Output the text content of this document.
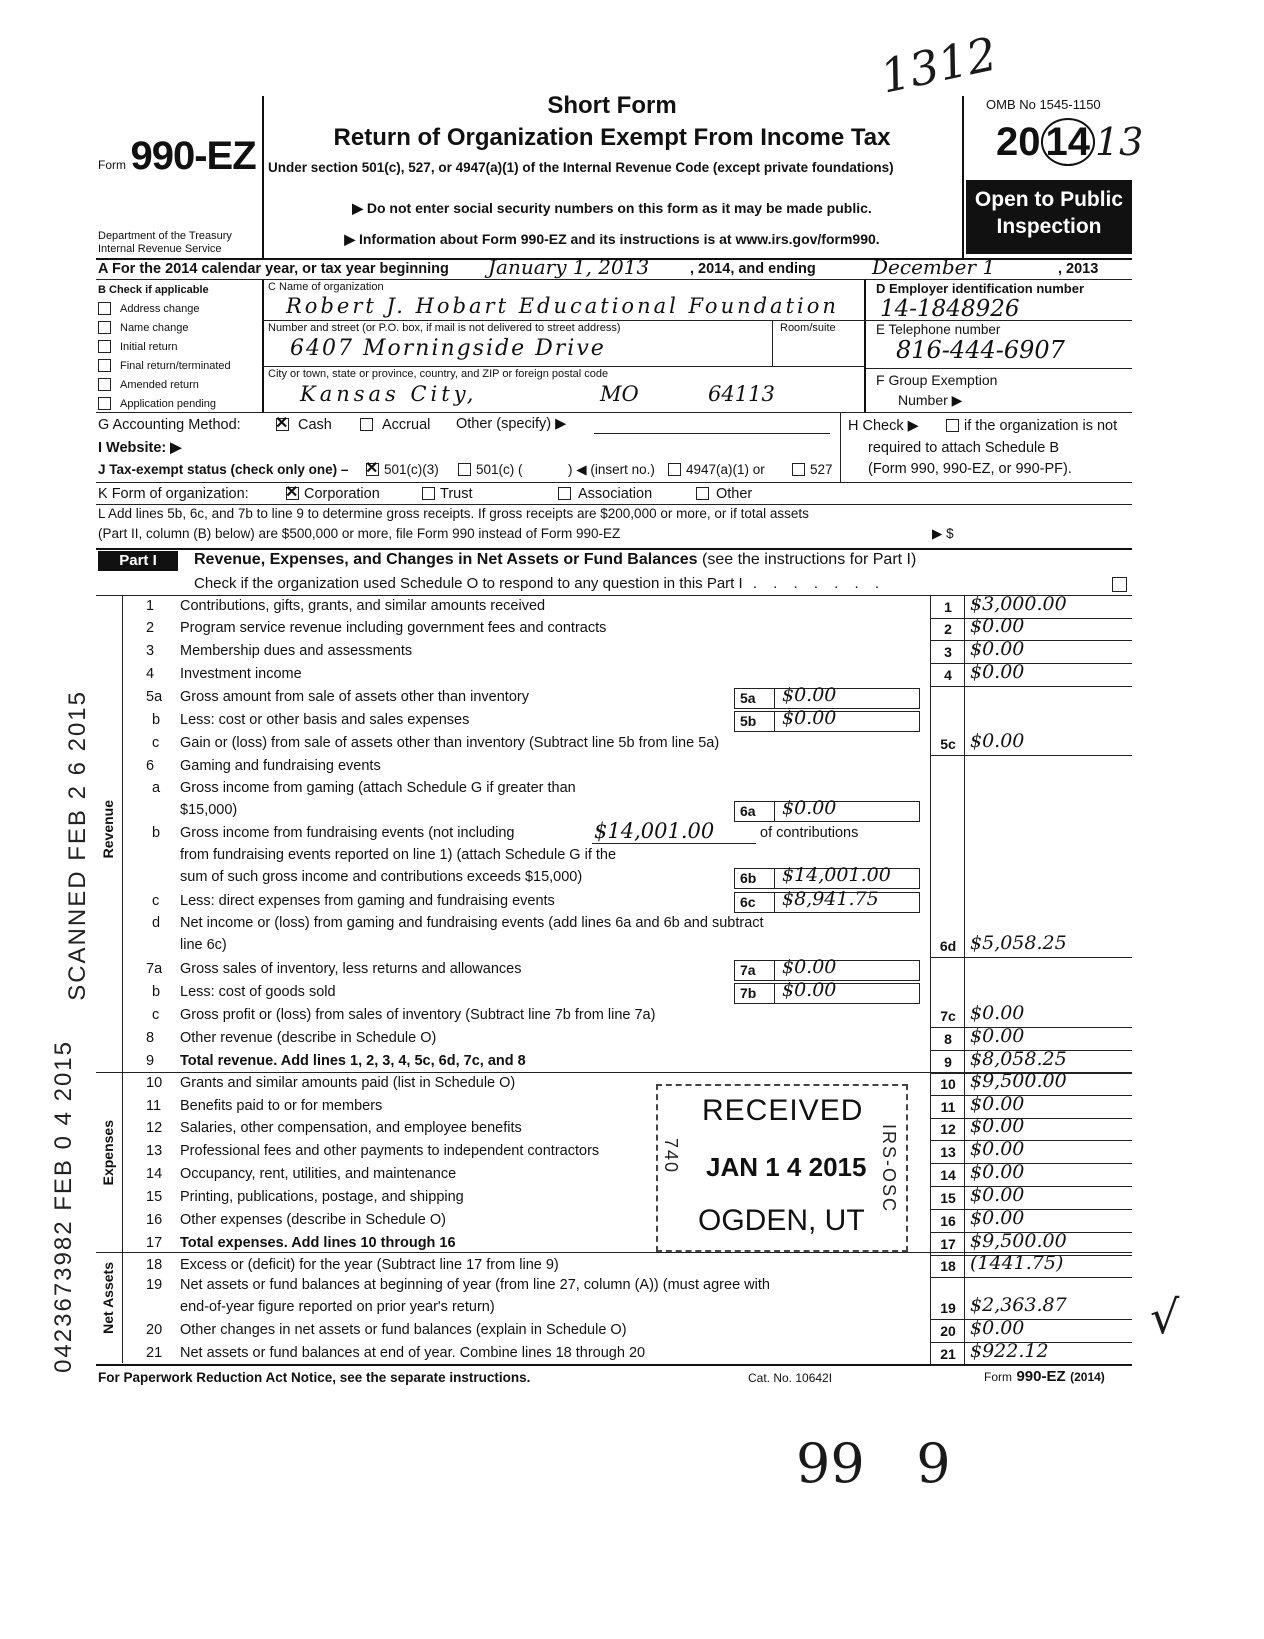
1312
Form 990-EZ
Department of the Treasury
Internal Revenue Service
Short Form
Return of Organization Exempt From Income Tax
Under section 501(c), 527, or 4947(a)(1) of the Internal Revenue Code (except private foundations)
▶ Do not enter social security numbers on this form as it may be made public.
▶ Information about Form 990-EZ and its instructions is at www.irs.gov/form990.
OMB No 1545-1150
20 14 13
Open to Public Inspection
A For the 2014 calendar year, or tax year beginning January 1, 2013	, 2014, and ending	December 1	, 2013
B Check if applicable
Address change
Name change
Initial return
Final return/terminated
Amended return
Application pending
C Name of organization
Robert J. Hobart Educational Foundation
Number and street (or P.O. box, if mail is not delivered to street address)	Room/suite
6407 Morningside Drive
City or town, state or province, country, and ZIP or foreign postal code
Kansas City,	MO	64113
D Employer identification number
14-1848926
E Telephone number
816-444-6907
F Group Exemption
Number ▶
G Accounting Method: ✕	Cash	Accrual Other (specify) ▶	H Check ▶	if the organization is not
required to attach Schedule B
(Form 990, 990-EZ, or 990-PF).
I Website: ▶
J Tax-exempt status (check only one) – ✕	501(c)(3)	501(c) (	) ◀ (insert no.) 4947(a)(1) or	527
K Form of organization: ✕	Corporation	Trust	Association	Other
L Add lines 5b, 6c, and 7b to line 9 to determine gross receipts. If gross receipts are $200,000 or more, or if total assets
(Part II, column (B) below) are $500,000 or more, file Form 990 instead of Form 990-EZ	▶ $
Part I	Revenue, Expenses, and Changes in Net Assets or Fund Balances (see the instructions for Part I)
Check if the organization used Schedule O to respond to any question in this Part I . . . . . . .
Revenue
Expenses
Net Assets
1 Contributions, gifts, grants, and similar amounts received	1 $3,000.00
2 Program service revenue including government fees and contracts	2 $0.00
3 Membership dues and assessments	3 $0.00
4 Investment income	4 $0.00
5a Gross amount from sale of assets other than inventory	5a $0.00
b Less: cost or other basis and sales expenses	5b $0.00
c Gain or (loss) from sale of assets other than inventory (Subtract line 5b from line 5a)	5c $0.00
6 Gaming and fundraising events
a Gross income from gaming (attach Schedule G if greater than
$15,000)	6a $0.00
b Gross income from fundraising events (not including	$14,001.00	of contributions
from fundraising events reported on line 1) (attach Schedule G if the
sum of such gross income and contributions exceeds $15,000)	6b $14,001.00
c Less: direct expenses from gaming and fundraising events	6c $8,941.75
d Net income or (loss) from gaming and fundraising events (add lines 6a and 6b and subtract
line 6c)	6d $5,058.25
7a Gross sales of inventory, less returns and allowances	7a $0.00
b Less: cost of goods sold	7b $0.00
c Gross profit or (loss) from sales of inventory (Subtract line 7b from line 7a)	7c $0.00
8 Other revenue (describe in Schedule O)	8 $0.00
9 Total revenue. Add lines 1, 2, 3, 4, 5c, 6d, 7c, and 8	9 $8,058.25
10 Grants and similar amounts paid (list in Schedule O)	10 $9,500.00
11 Benefits paid to or for members	11 $0.00
12 Salaries, other compensation, and employee benefits	12 $0.00
13 Professional fees and other payments to independent contractors	13 $0.00
14 Occupancy, rent, utilities, and maintenance	14 $0.00
15 Printing, publications, postage, and shipping	15 $0.00
16 Other expenses (describe in Schedule O)	16 $0.00
17 Total expenses. Add lines 10 through 16	17 $9,500.00
18 Excess or (deficit) for the year (Subtract line 17 from line 9)	18 (1441.75)
19 Net assets or fund balances at beginning of year (from line 27, column (A)) (must agree with
end-of-year figure reported on prior year's return)	19 $2,363.87
20 Other changes in net assets or fund balances (explain in Schedule O)	20 $0.00
21 Net assets or fund balances at end of year. Combine lines 18 through 20	21 $922.12
RECEIVED
JAN 1 4 2015
OGDEN, UT
740	IRS-OSC
SCANNED FEB 2 6 2015
0423673982 FEB 0 4 2015	√
For Paperwork Reduction Act Notice, see the separate instructions.	Cat. No. 10642I	Form 990-EZ (2014)
99   9
